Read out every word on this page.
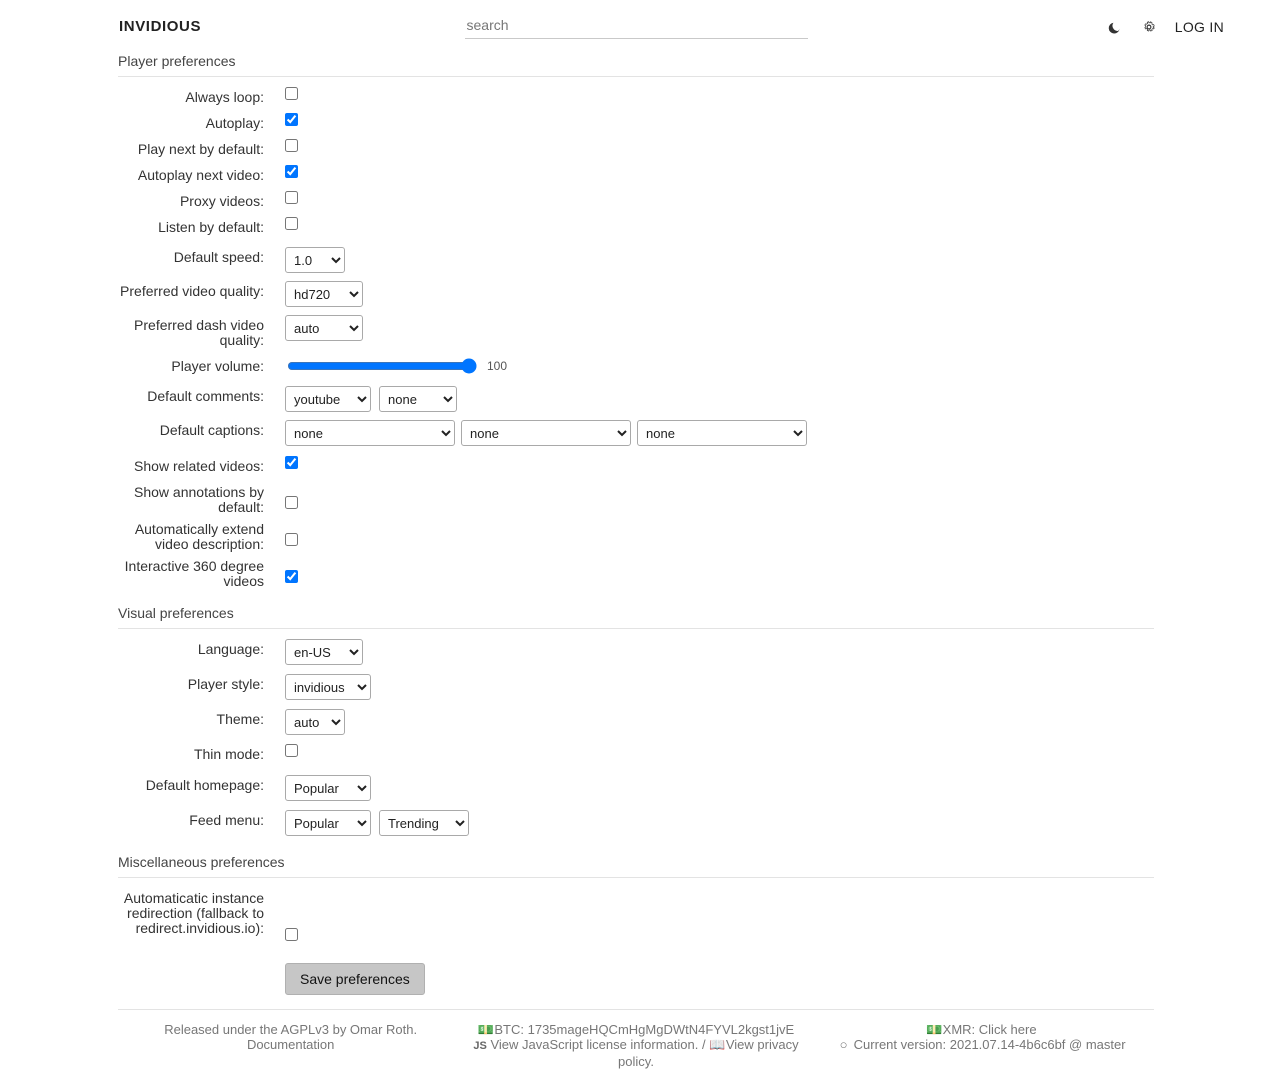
INVIDIOUS
search	LOG IN
Player preferences
Always loop:
Autoplay:
Play next by default:
Autoplay next video:
Proxy videos:
Listen by default:
Default speed:
1.0
Preferred video quality:
hd720
Preferred dash video quality:
auto
Player volume:	100
Default comments:
youtube
none
Default captions:
none
none
none
Show related videos:
Show annotations by default:
Automatically extend video description:
Interactive 360 degree videos
Visual preferences
Language:
en-US
Player style:
invidious
Theme:
auto
Thin mode:
Default homepage:
Popular
Feed menu:
Popular
Trending
Miscellaneous preferences
Automaticatic instance redirection (fallback to redirect.invidious.io):
Save preferences
Released under the AGPLv3 by Omar Roth.
Documentation
💵 BTC: 1735mageHQCmHgMgDWtN4FYVL2kgst1jvE
JS View JavaScript license information. / 📖 View privacy policy.
💵 XMR: Click here
○ Current version: 2021.07.14-4b6c6bf @ master
